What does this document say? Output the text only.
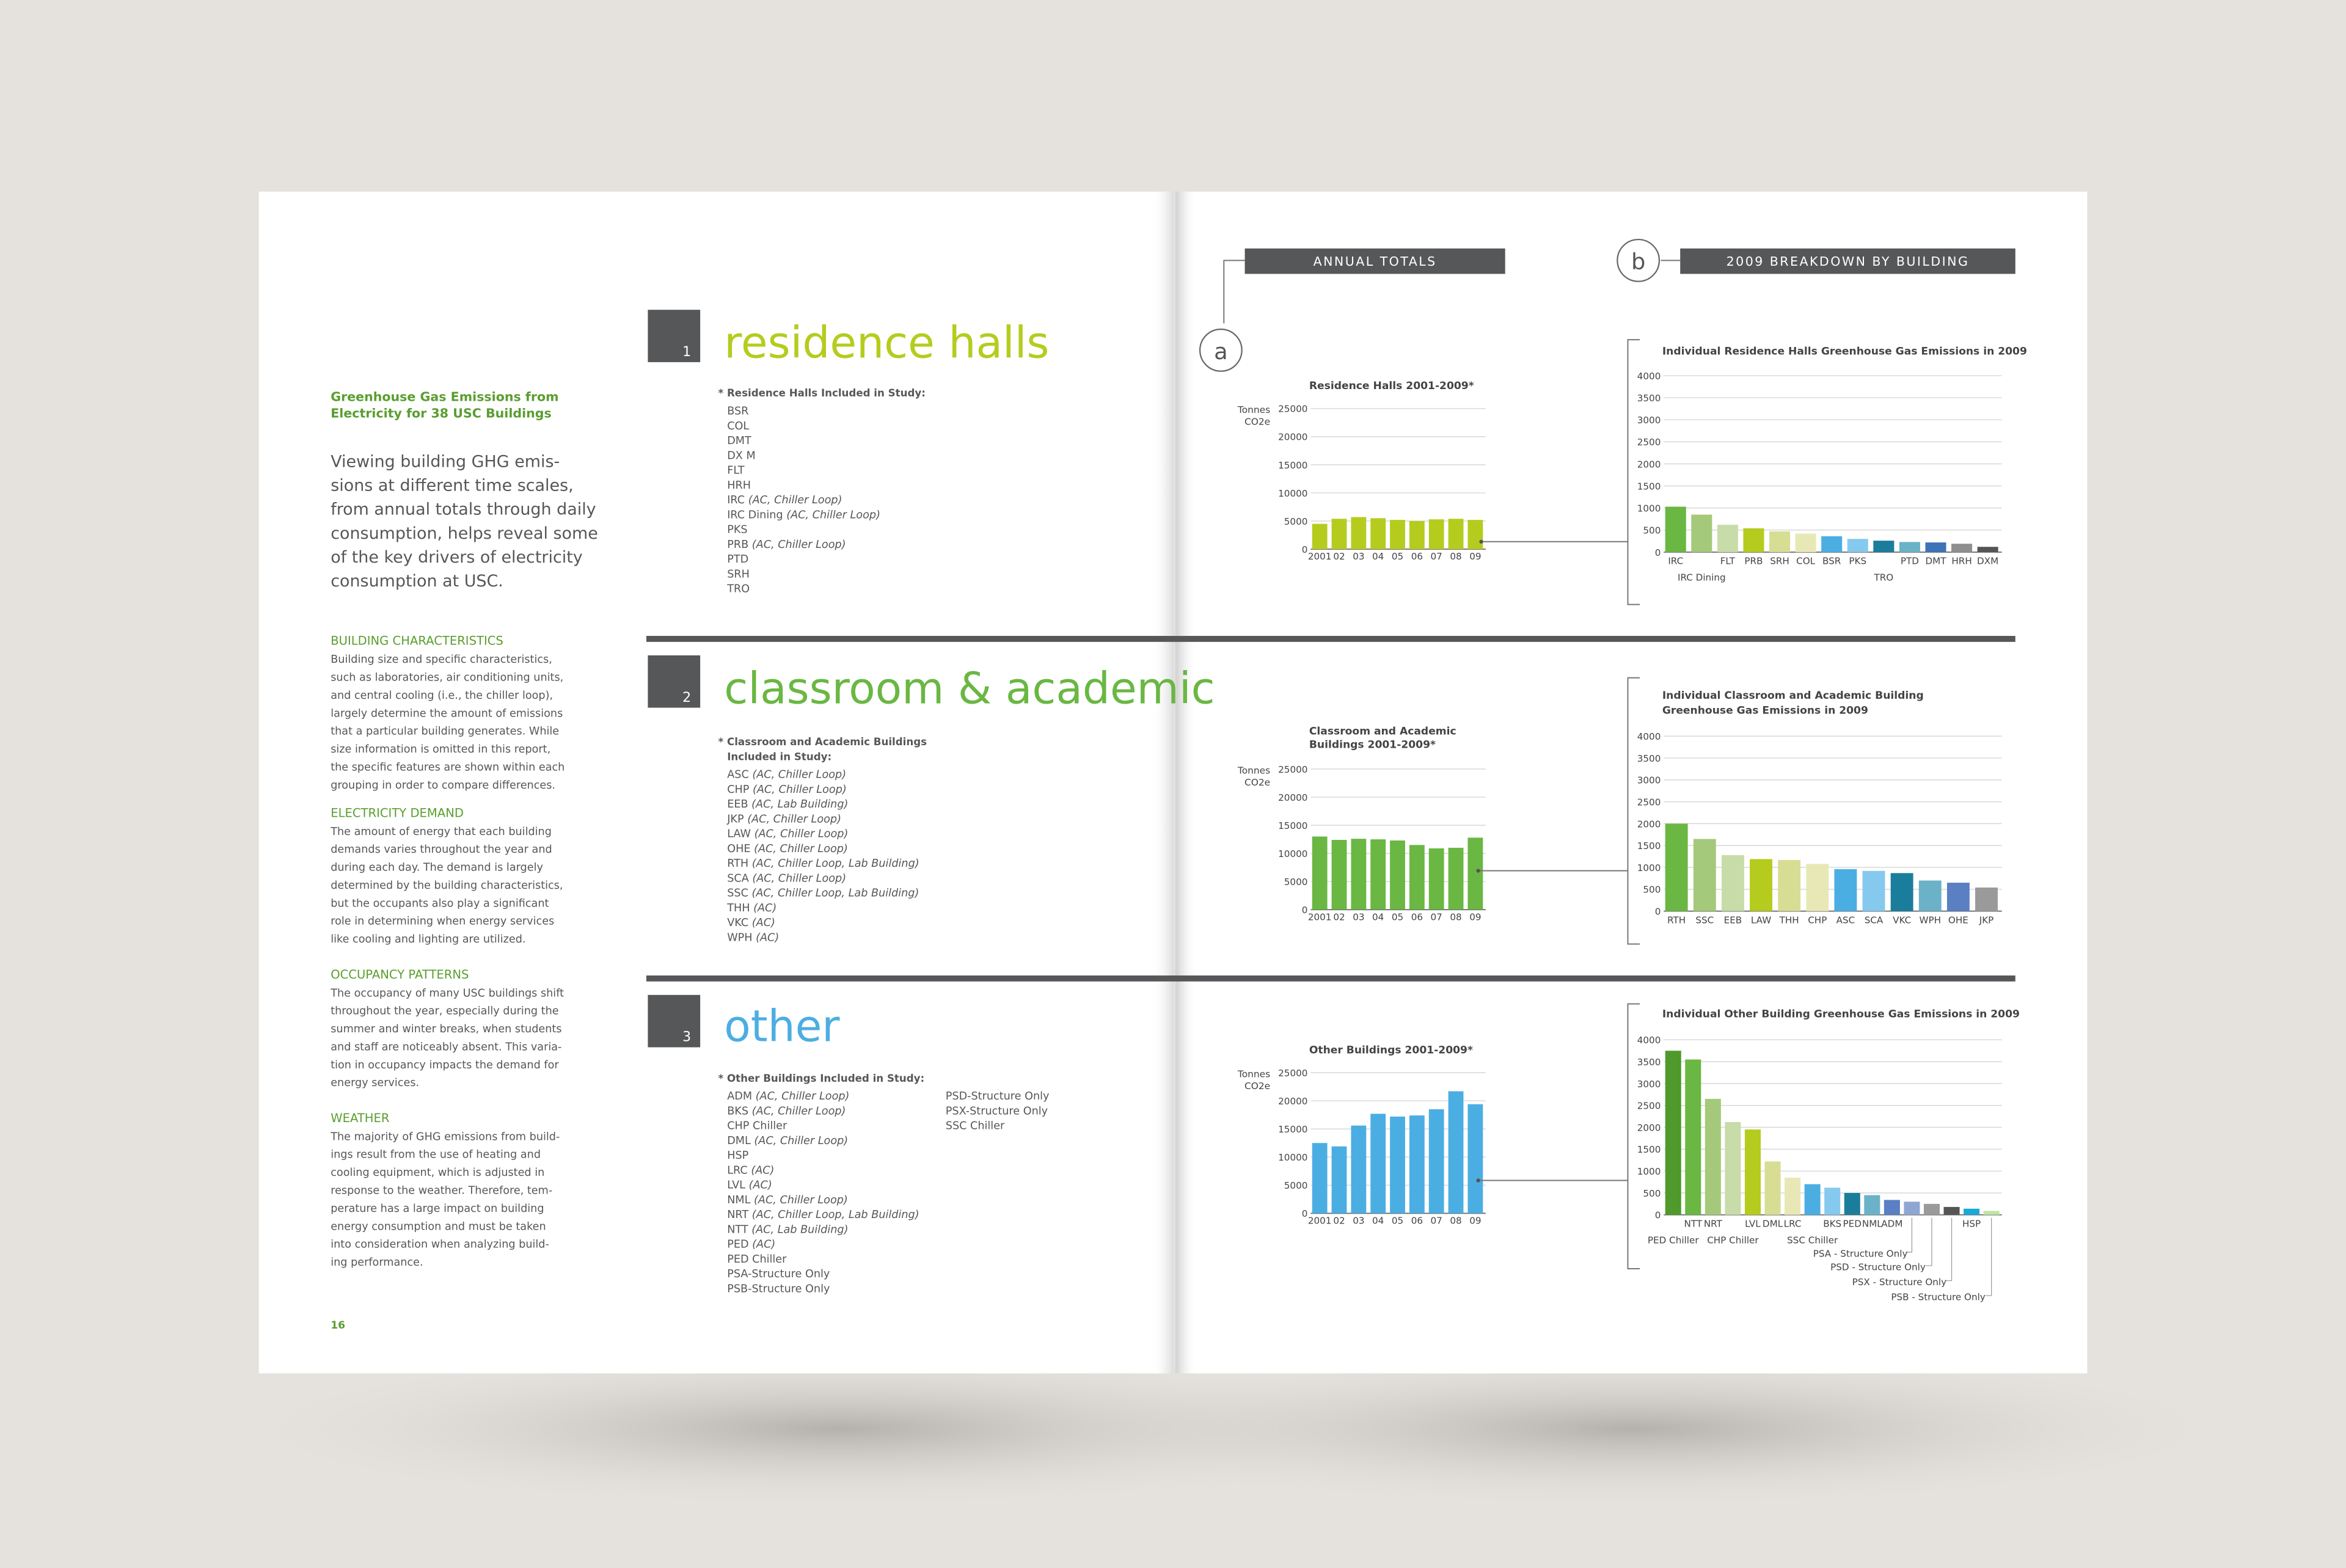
Greenhouse Gas Emissions from
Electricity for 38 USC Buildings
Viewing building GHG emis-
sions at different time scales,
from annual totals through daily
consumption, helps reveal some
of the key drivers of electricity
consumption at USC.
BUILDING CHARACTERISTICS
Building size and specific characteristics,
such as laboratories, air conditioning units,
and central cooling (i.e., the chiller loop),
largely determine the amount of emissions
that a particular building generates. While
size information is omitted in this report,
the specific features are shown within each
grouping in order to compare differences.
ELECTRICITY DEMAND
The amount of energy that each building
demands varies throughout the year and
during each day. The demand is largely
determined by the building characteristics,
but the occupants also play a significant
role in determining when energy services
like cooling and lighting are utilized.
OCCUPANCY PATTERNS
The occupancy of many USC buildings shift
throughout the year, especially during the
summer and winter breaks, when students
and staff are noticeably absent. This varia-
tion in occupancy impacts the demand for
energy services.
WEATHER
The majority of GHG emissions from build-
ings result from the use of heating and
cooling equipment, which is adjusted in
response to the weather. Therefore, tem-
perature has a large impact on building
energy consumption and must be taken
into consideration when analyzing build-
ing performance.
16
ANNUAL TOTALS
a
b	2009 BREAKDOWN BY BUILDING
1 residence halls
* Residence Halls Included in Study:
BSR
COL
DMT
DX M
FLT
HRH
IRC (AC, Chiller Loop)
IRC Dining (AC, Chiller Loop)
PKS
PRB (AC, Chiller Loop)
PTD
SRH
TRO
2 classroom & academic
* Classroom and Academic Buildings
Included in Study:
ASC (AC, Chiller Loop)
CHP (AC, Chiller Loop)
EEB (AC, Lab Building)
JKP (AC, Chiller Loop)
LAW (AC, Chiller Loop)
OHE (AC, Chiller Loop)
RTH (AC, Chiller Loop, Lab Building)
SCA (AC, Chiller Loop)
SSC (AC, Chiller Loop, Lab Building)
THH (AC)
VKC (AC)
WPH (AC)
3 other
* Other Buildings Included in Study:
ADM (AC, Chiller Loop)
BKS (AC, Chiller Loop)
CHP Chiller
DML (AC, Chiller Loop)
HSP
LRC (AC)
LVL (AC)
NML (AC, Chiller Loop)
NRT (AC, Chiller Loop, Lab Building)
NTT (AC, Lab Building)
PED (AC)
PED Chiller
PSA-Structure Only
PSB-Structure Only
PSD-Structure Only
PSX-Structure Only
SSC Chiller
Residence Halls 2001-2009*
Tonnes
CO2e
0
5000
10000
15000
20000
25000
2001 02 03 04 05 06 07 08 09
Classroom and Academic
Buildings 2001-2009*
Tonnes
CO2e
0
5000
10000
15000
20000
25000
2001 02 03 04 05 06 07 08 09
Other Buildings 2001-2009*
Tonnes
CO2e
0
5000
10000
15000
20000
25000
2001 02 03 04 05 06 07 08 09
Individual Residence Halls Greenhouse Gas Emissions in 2009
0
500
1000
1500
2000
2500
3000
3500
4000
IRC
IRC Dining
FLT PRB SRH COL BSR PKS
TRO
PTD DMT HRH DXM
Individual Classroom and Academic Building
Greenhouse Gas Emissions in 2009
0
500
1000
1500
2000
2500
3000
3500
4000
RTH	SSC	EEB LAW THH CHP ASC	SCA	VKC WPH OHE	JKP
Individual Other Building Greenhouse Gas Emissions in 2009
0
500
1000
1500
2000
2500
3000
3500
4000
PED Chiller
NTT NRT
CHP Chiller
LVL DML LRC
SSC Chiller
BKS PED NML
ADM
PSA - Structure Only
PSD - Structure Only
PSX - Structure Only
HSP
PSB - Structure Only
